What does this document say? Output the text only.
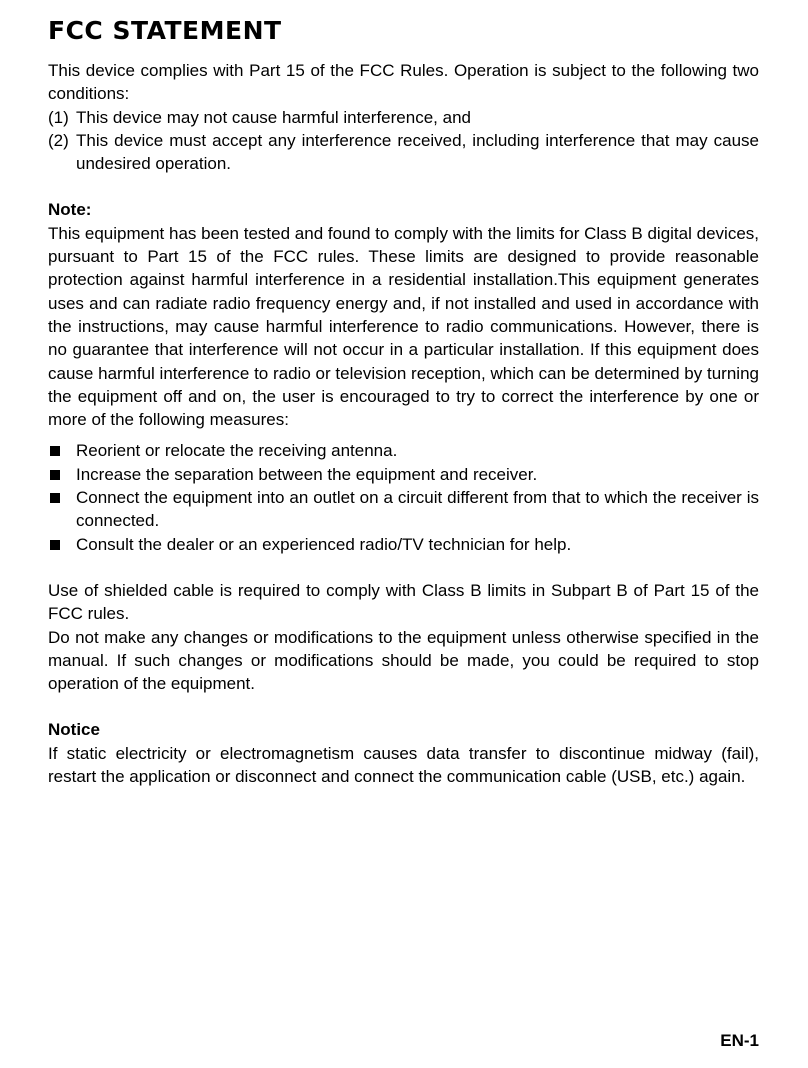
FCC STATEMENT

This device complies with Part 15 of the FCC Rules. Operation is subject to the following two conditions:

(1) This device may not cause harmful interference, and
(2) This device must accept any interference received, including interference that may cause undesired operation.
Note:

This equipment has been tested and found to comply with the limits for Class B digital devices, pursuant to Part 15 of the FCC rules. These limits are designed to provide reasonable protection against harmful interference in a residential installation.This equipment generates uses and can radiate radio frequency energy and, if not installed and used in accordance with the instructions, may cause harmful interference to radio communications. However, there is no guarantee that interference will not occur in a particular installation. If this equipment does cause harmful interference to radio or television reception, which can be determined by turning the equipment off and on, the user is encouraged to try to correct the interference by one or more of the following measures:

Reorient or relocate the receiving antenna.
Increase the separation between the equipment and receiver.
Connect the equipment into an outlet on a circuit different from that to which the receiver is connected.
Consult the dealer or an experienced radio/TV technician for help.

Use of shielded cable is required to comply with Class B limits in Subpart B of Part 15 of the FCC rules.

Do not make any changes or modifications to the equipment unless otherwise specified in the manual. If such changes or modifications should be made, you could be required to stop operation of the equipment.

Notice

If static electricity or electromagnetism causes data transfer to discontinue midway (fail), restart the application or disconnect and connect the communication cable (USB, etc.) again.

EN-1
